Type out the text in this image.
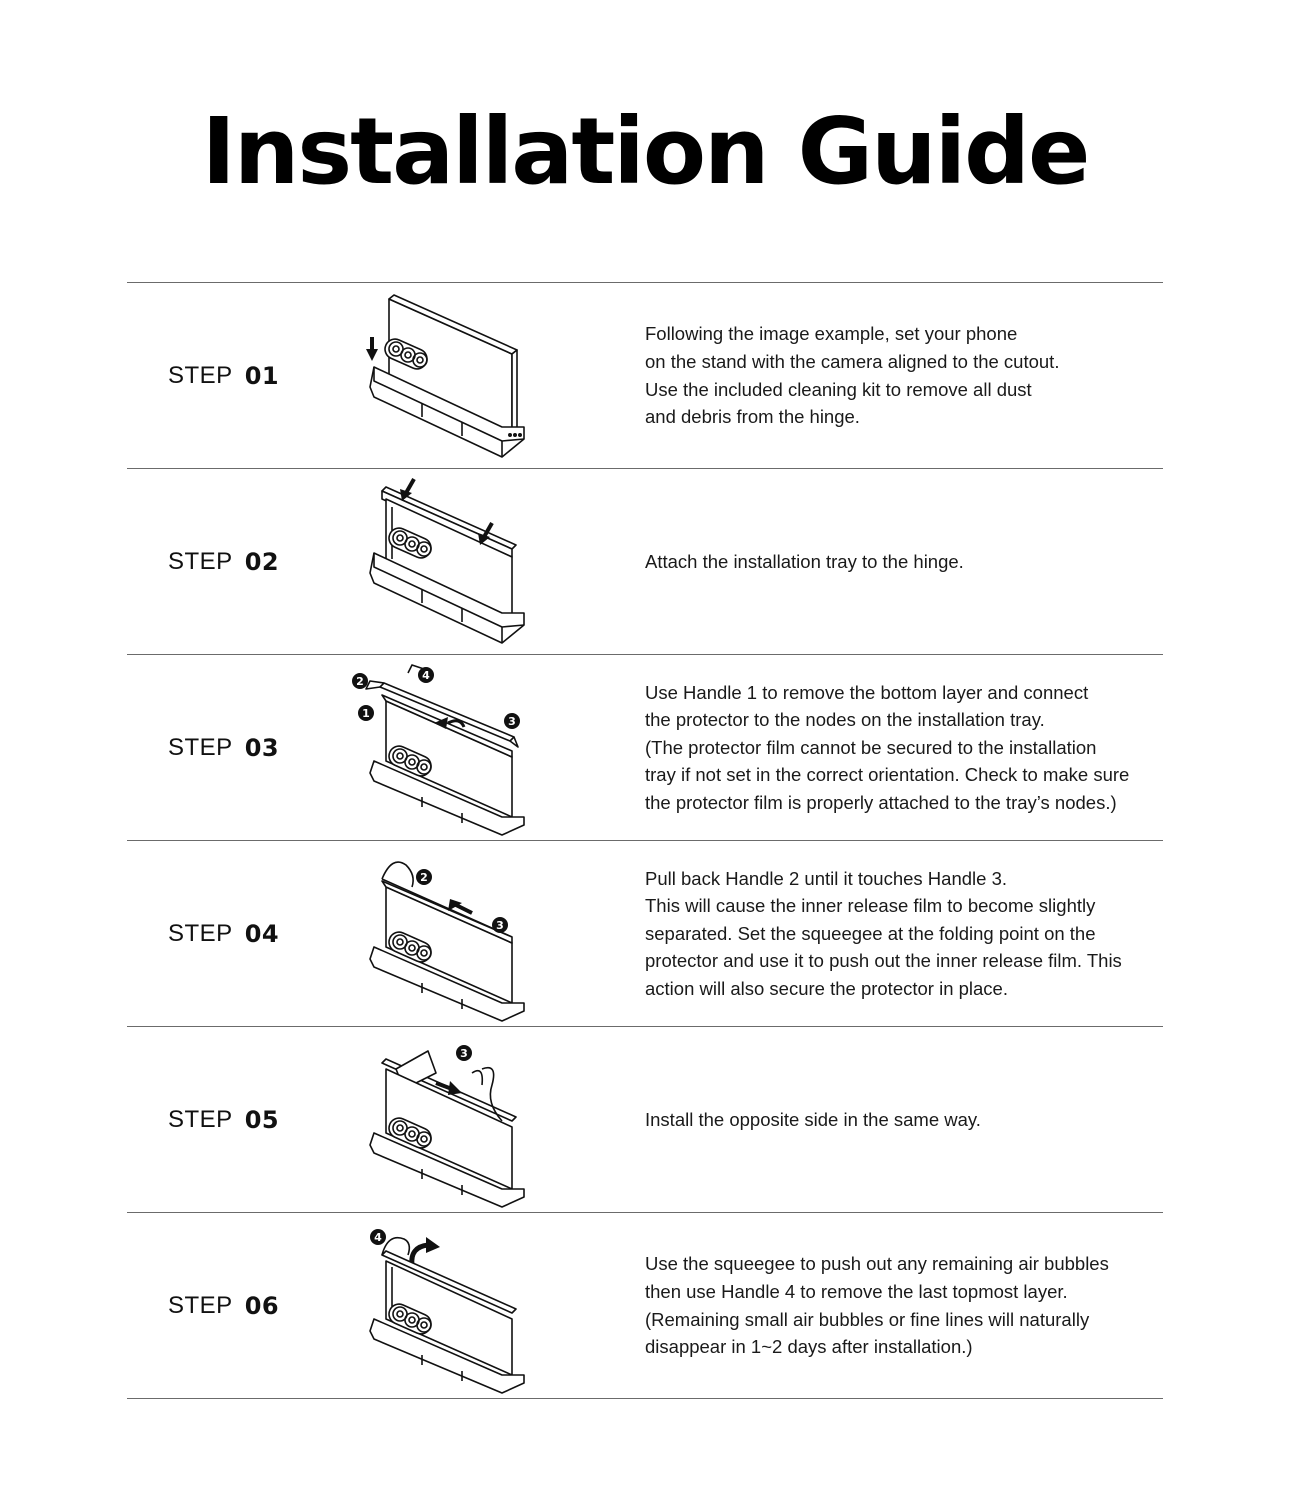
Installation Guide
STEP 01

Following the image example, set your phone
on the stand with the camera aligned to the cutout.
Use the included cleaning kit to remove all dust
and debris from the hinge.

STEP 02	Attach the installation tray to the hinge.

STEP 03
2	4
1
3

Use Handle 1 to remove the bottom layer and connect
the protector to the nodes on the installation tray.
(The protector film cannot be secured to the installation
tray if not set in the correct orientation. Check to make sure
the protector film is properly attached to the tray’s nodes.)

STEP 04
2
3

Pull back Handle 2 until it touches Handle 3.
This will cause the inner release film to become slightly
separated. Set the squeegee at the folding point on the
protector and use it to push out the inner release film. This
action will also secure the protector in place.

STEP 05
3

Install the opposite side in the same way.

STEP 06
4

Use the squeegee to push out any remaining air bubbles
then use Handle 4 to remove the last topmost layer.
(Remaining small air bubbles or fine lines will naturally
disappear in 1~2 days after installation.)
